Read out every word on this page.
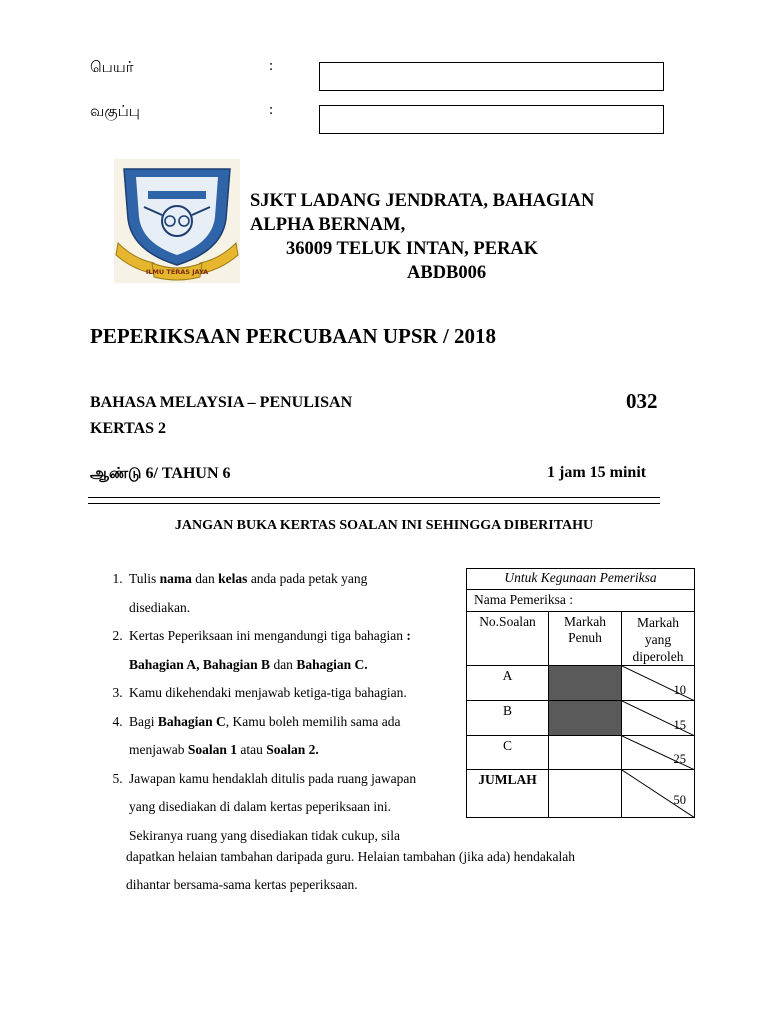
பெயர்	:
வகுப்பு	:
ILMU TERAS JAYA
SJKT LADANG JENDRATA, BAHAGIAN
ALPHA BERNAM,
36009 TELUK INTAN, PERAK
ABDB006
PEPERIKSAAN PERCUBAAN UPSR / 2018
BAHASA MELAYSIA – PENULISAN	032
KERTAS 2
ஆண்டு 6/ TAHUN 6	1 jam 15 minit
JANGAN BUKA KERTAS SOALAN INI SEHINGGA DIBERITAHU
1. Tulis nama dan kelas anda pada petak yang
disediakan.
2. Kertas Peperiksaan ini mengandungi tiga bahagian :
Bahagian A, Bahagian B dan Bahagian C.
3. Kamu dikehendaki menjawab ketiga-tiga bahagian.
4. Bagi Bahagian C, Kamu boleh memilih sama ada
menjawab Soalan 1 atau Soalan 2.
5. Jawapan kamu hendaklah ditulis pada ruang jawapan
yang disediakan di dalam kertas peperiksaan ini.
Sekiranya ruang yang disediakan tidak cukup, sila
dapatkan helaian tambahan daripada guru. Helaian tambahan (jika ada) hendakalah
dihantar bersama-sama kertas peperiksaan.
Untuk Kegunaan Pemeriksa		
Nama Pemeriksa :		
No.Soalan	Markah Penuh	Markah yang diperoleh
A		10

B		15

C		25

JUMLAH		50
